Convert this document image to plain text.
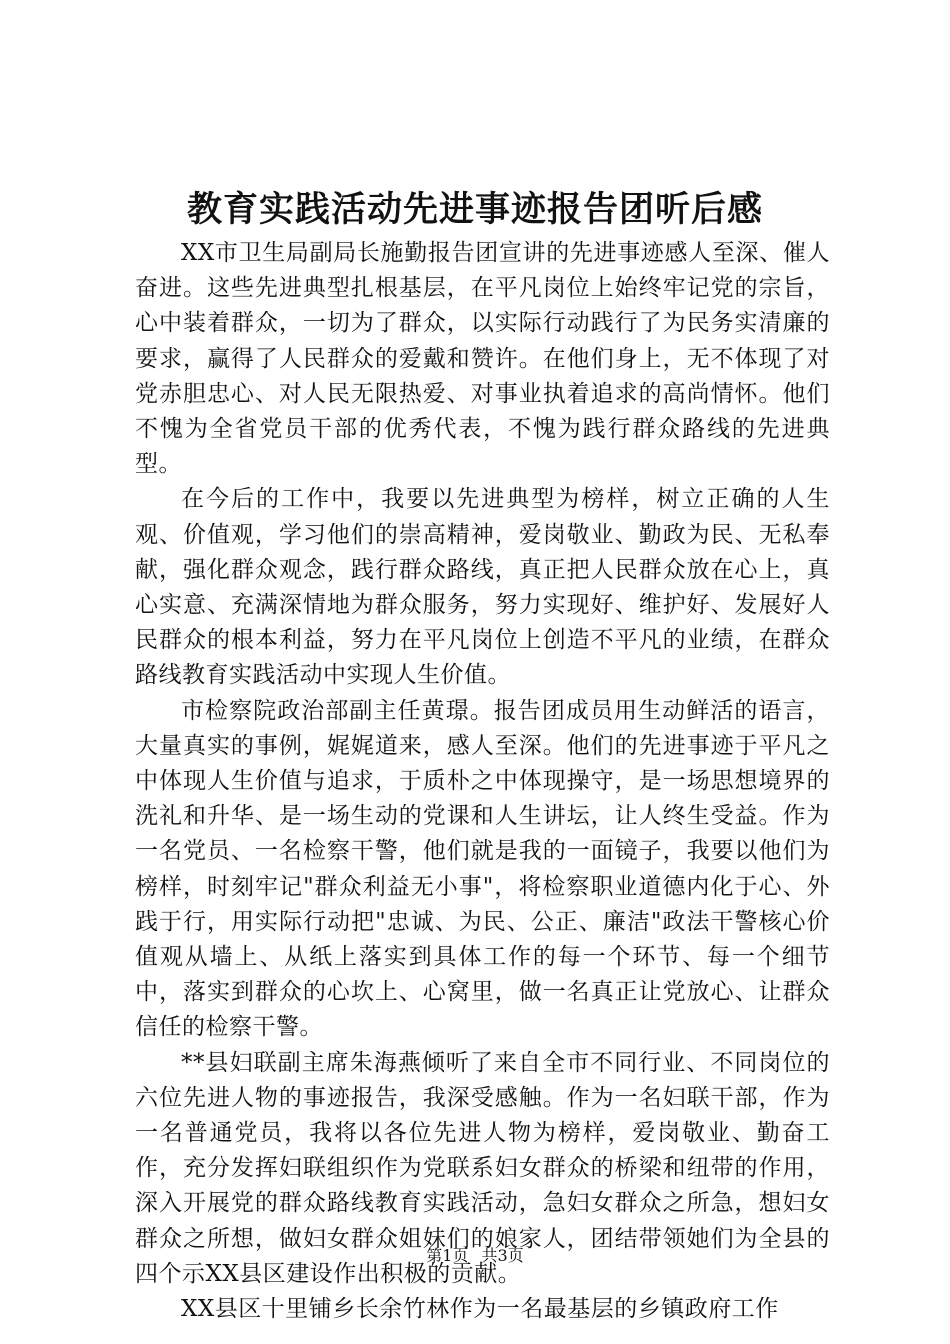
教育实践活动先进事迹报告团听后感

XX市卫生局副局长施勤报告团宣讲的先进事迹感人至深、催人奋进。这些先进典型扎根基层，在平凡岗位上始终牢记党的宗旨，心中装着群众，一切为了群众，以实际行动践行了为民务实清廉的要求，赢得了人民群众的爱戴和赞许。在他们身上，无不体现了对党赤胆忠心、对人民无限热爱、对事业执着追求的高尚情怀。他们不愧为全省党员干部的优秀代表，不愧为践行群众路线的先进典型。

在今后的工作中，我要以先进典型为榜样，树立正确的人生观、价值观，学习他们的崇高精神，爱岗敬业、勤政为民、无私奉献，强化群众观念，践行群众路线，真正把人民群众放在心上，真心实意、充满深情地为群众服务，努力实现好、维护好、发展好人民群众的根本利益，努力在平凡岗位上创造不平凡的业绩，在群众路线教育实践活动中实现人生价值。

市检察院政治部副主任黄璟。报告团成员用生动鲜活的语言，大量真实的事例，娓娓道来，感人至深。他们的先进事迹于平凡之中体现人生价值与追求，于质朴之中体现操守，是一场思想境界的洗礼和升华、是一场生动的党课和人生讲坛，让人终生受益。作为一名党员、一名检察干警，他们就是我的一面镜子，我要以他们为榜样，时刻牢记"群众利益无小事"，将检察职业道德内化于心、外践于行，用实际行动把"忠诚、为民、公正、廉洁"政法干警核心价值观从墙上、从纸上落实到具体工作的每一个环节、每一个细节中，落实到群众的心坎上、心窝里，做一名真正让党放心、让群众信任的检察干警。

**县妇联副主席朱海燕倾听了来自全市不同行业、不同岗位的六位先进人物的事迹报告，我深受感触。作为一名妇联干部，作为一名普通党员，我将以各位先进人物为榜样，爱岗敬业、勤奋工作，充分发挥妇联组织作为党联系妇女群众的桥梁和纽带的作用，深入开展党的群众路线教育实践活动，急妇女群众之所急，想妇女群众之所想，做妇女群众姐妹们的娘家人，团结带领她们为全县的四个示XX县区建设作出积极的贡献。

XX县区十里铺乡长余竹林作为一名最基层的乡镇政府工作

第1页 共3页
